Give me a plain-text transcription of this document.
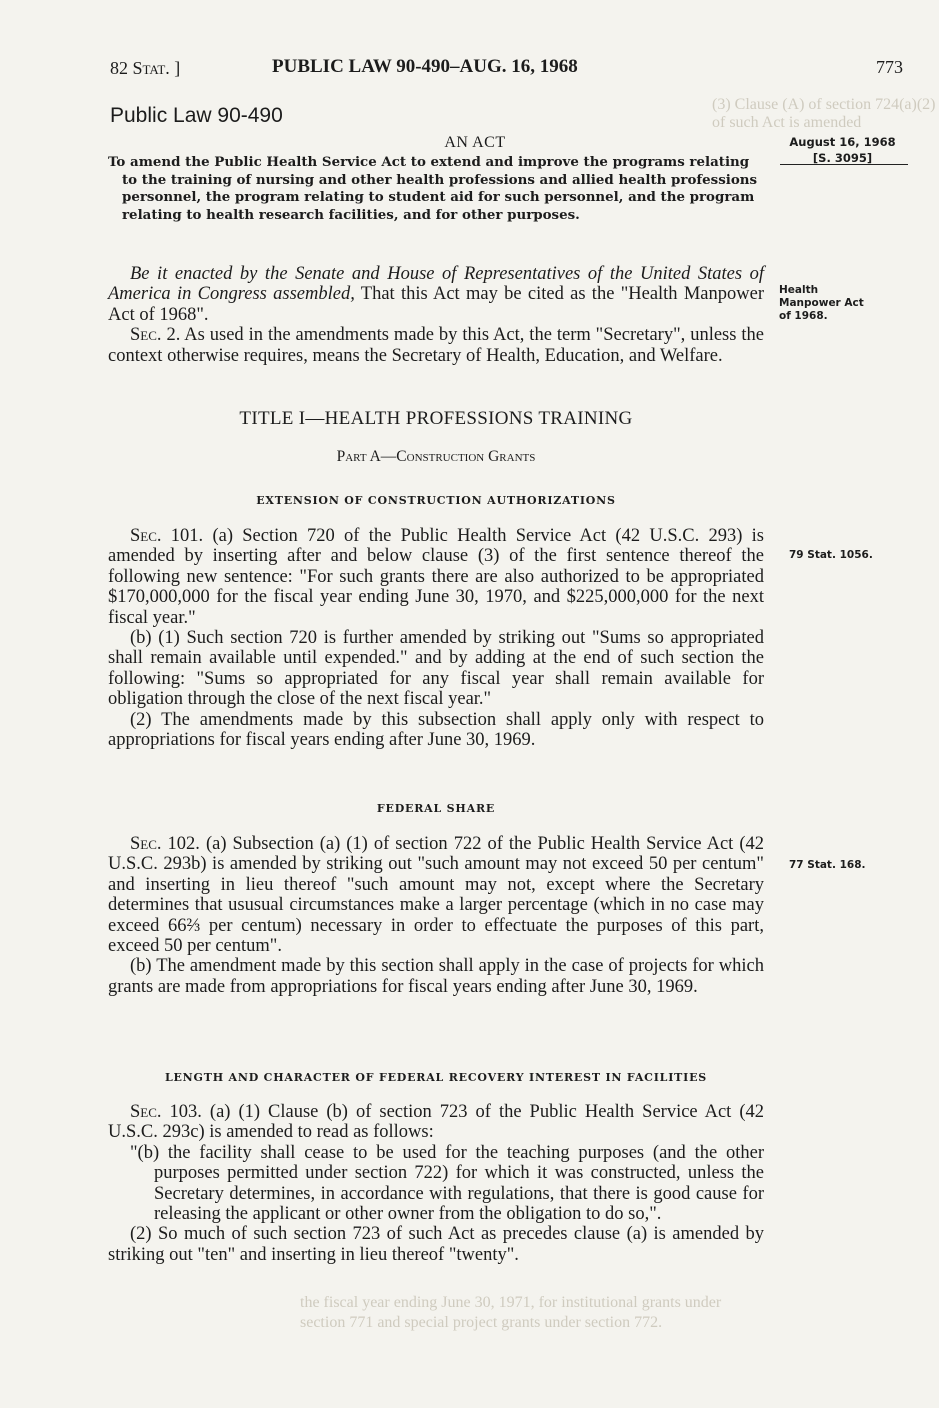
(3) Clause (A) of section 724(a)(2) of such Act is amended
the fiscal year ending June 30, 1971, for institutional grants under
section 771 and special project grants under section 772.
82 Stat. ]	PUBLIC LAW 90-490–AUG. 16, 1968	773
Public Law 90-490
AN ACT

To amend the Public Health Service Act to extend and improve the programs relating to the training of nursing and other health professions and allied health professions personnel, the program relating to student aid for such personnel, and the program relating to health research facilities, and for other purposes.

August 16, 1968
[S. 3095]

Be it enacted by the Senate and House of Representatives of the United States of America in Congress assembled, That this Act may be cited as the "Health Manpower Act of 1968".

Sec. 2. As used in the amendments made by this Act, the term "Secretary", unless the context otherwise requires, means the Secretary of Health, Education, and Welfare.

Health Manpower Act of 1968.
TITLE I—HEALTH PROFESSIONS TRAINING
Part A—Construction Grants
EXTENSION OF CONSTRUCTION AUTHORIZATIONS

Sec. 101. (a) Section 720 of the Public Health Service Act (42 U.S.C. 293) is amended by inserting after and below clause (3) of the first sentence thereof the following new sentence: "For such grants there are also authorized to be appropriated $170,000,000 for the fiscal year ending June 30, 1970, and $225,000,000 for the next fiscal year."

(b) (1) Such section 720 is further amended by striking out "Sums so appropriated shall remain available until expended." and by adding at the end of such section the following: "Sums so appropriated for any fiscal year shall remain available for obligation through the close of the next fiscal year."

(2) The amendments made by this subsection shall apply only with respect to appropriations for fiscal years ending after June 30, 1969.

79 Stat. 1056.
FEDERAL SHARE

Sec. 102. (a) Subsection (a) (1) of section 722 of the Public Health Service Act (42 U.S.C. 293b) is amended by striking out "such amount may not exceed 50 per centum" and inserting in lieu thereof "such amount may not, except where the Secretary determines that ususual circumstances make a larger percentage (which in no case may exceed 66⅔ per centum) necessary in order to effectuate the purposes of this part, exceed 50 per centum".

(b) The amendment made by this section shall apply in the case of projects for which grants are made from appropriations for fiscal years ending after June 30, 1969.

77 Stat. 168.
LENGTH AND CHARACTER OF FEDERAL RECOVERY INTEREST IN FACILITIES

Sec. 103. (a) (1) Clause (b) of section 723 of the Public Health Service Act (42 U.S.C. 293c) is amended to read as follows:

"(b) the facility shall cease to be used for the teaching purposes (and the other purposes permitted under section 722) for which it was constructed, unless the Secretary determines, in accordance with regulations, that there is good cause for releasing the applicant or other owner from the obligation to do so,".

(2) So much of such section 723 of such Act as precedes clause (a) is amended by striking out "ten" and inserting in lieu thereof "twenty".
